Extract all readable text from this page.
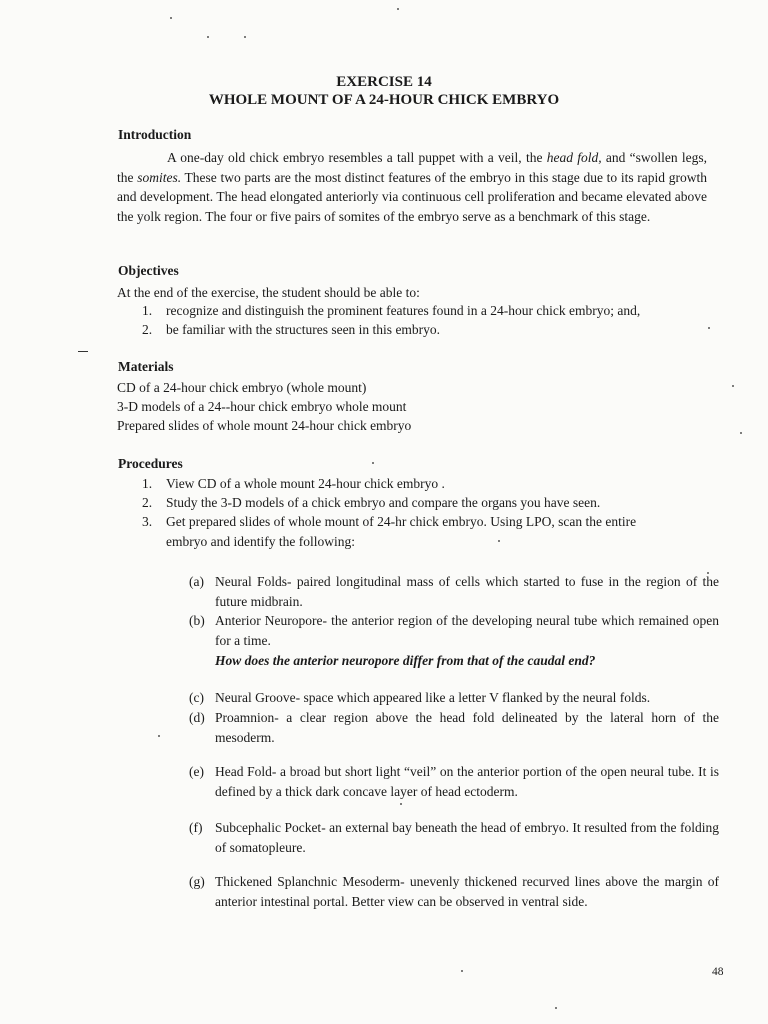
EXERCISE 14

WHOLE MOUNT OF A 24-HOUR CHICK EMBRYO

Introduction

A one-day old chick embryo resembles a tall puppet with a veil, the head fold, and “swollen legs, the somites. These two parts are the most distinct features of the embryo in this stage due to its rapid growth and development. The head elongated anteriorly via continuous cell proliferation and became elevated above the yolk region. The four or five pairs of somites of the embryo serve as a benchmark of this stage.

Objectives

At the end of the exercise, the student should be able to:

1. recognize and distinguish the prominent features found in a 24-hour chick embryo; and,

2. be familiar with the structures seen in this embryo.

Materials

CD of a 24-hour chick embryo (whole mount)

3-D models of a 24--hour chick embryo whole mount

Prepared slides of whole mount 24-hour chick embryo

Procedures

1. View CD of a whole mount 24-hour chick embryo .

2. Study the 3-D models of a chick embryo and compare the organs you have seen.

3. Get prepared slides of whole mount of 24-hr chick embryo. Using LPO, scan the entire

embryo and identify the following:

(a) Neural Folds- paired longitudinal mass of cells which started to fuse in the region of the future midbrain.
(b) Anterior Neuropore- the anterior region of the developing neural tube which remained open for a time.
How does the anterior neuropore differ from that of the caudal end?
(c) Neural Groove- space which appeared like a letter V flanked by the neural folds.
(d) Proamnion- a clear region above the head fold delineated by the lateral horn of the mesoderm.
(e) Head Fold- a broad but short light “veil” on the anterior portion of the open neural tube. It is defined by a thick dark concave layer of head ectoderm.
(f) Subcephalic Pocket- an external bay beneath the head of embryo. It resulted from the folding of somatopleure.
(g) Thickened Splanchnic Mesoderm- unevenly thickened recurved lines above the margin of anterior intestinal portal. Better view can be observed in ventral side.

48
